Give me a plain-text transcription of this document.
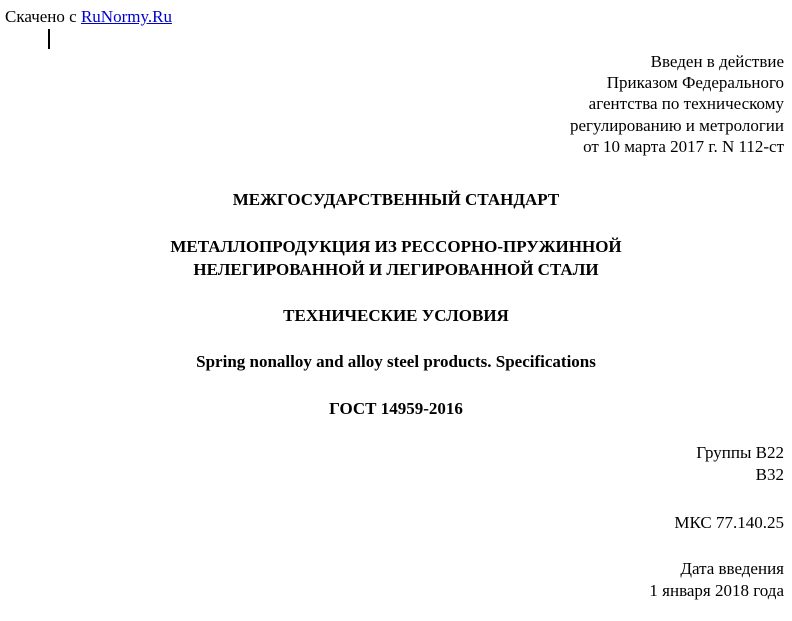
Скачено с RuNormy.Ru
Введен в действие
Приказом Федерального
агентства по техническому
регулированию и метрологии
от 10 марта 2017 г. N 112-ст
МЕЖГОСУДАРСТВЕННЫЙ СТАНДАРТ
МЕТАЛЛОПРОДУКЦИЯ ИЗ РЕССОРНО-ПРУЖИННОЙ
НЕЛЕГИРОВАННОЙ И ЛЕГИРОВАННОЙ СТАЛИ
ТЕХНИЧЕСКИЕ УСЛОВИЯ
Spring nonalloy and alloy steel products. Specifications
ГОСТ 14959-2016
Группы В22
В32
МКС 77.140.25
Дата введения
1 января 2018 года
